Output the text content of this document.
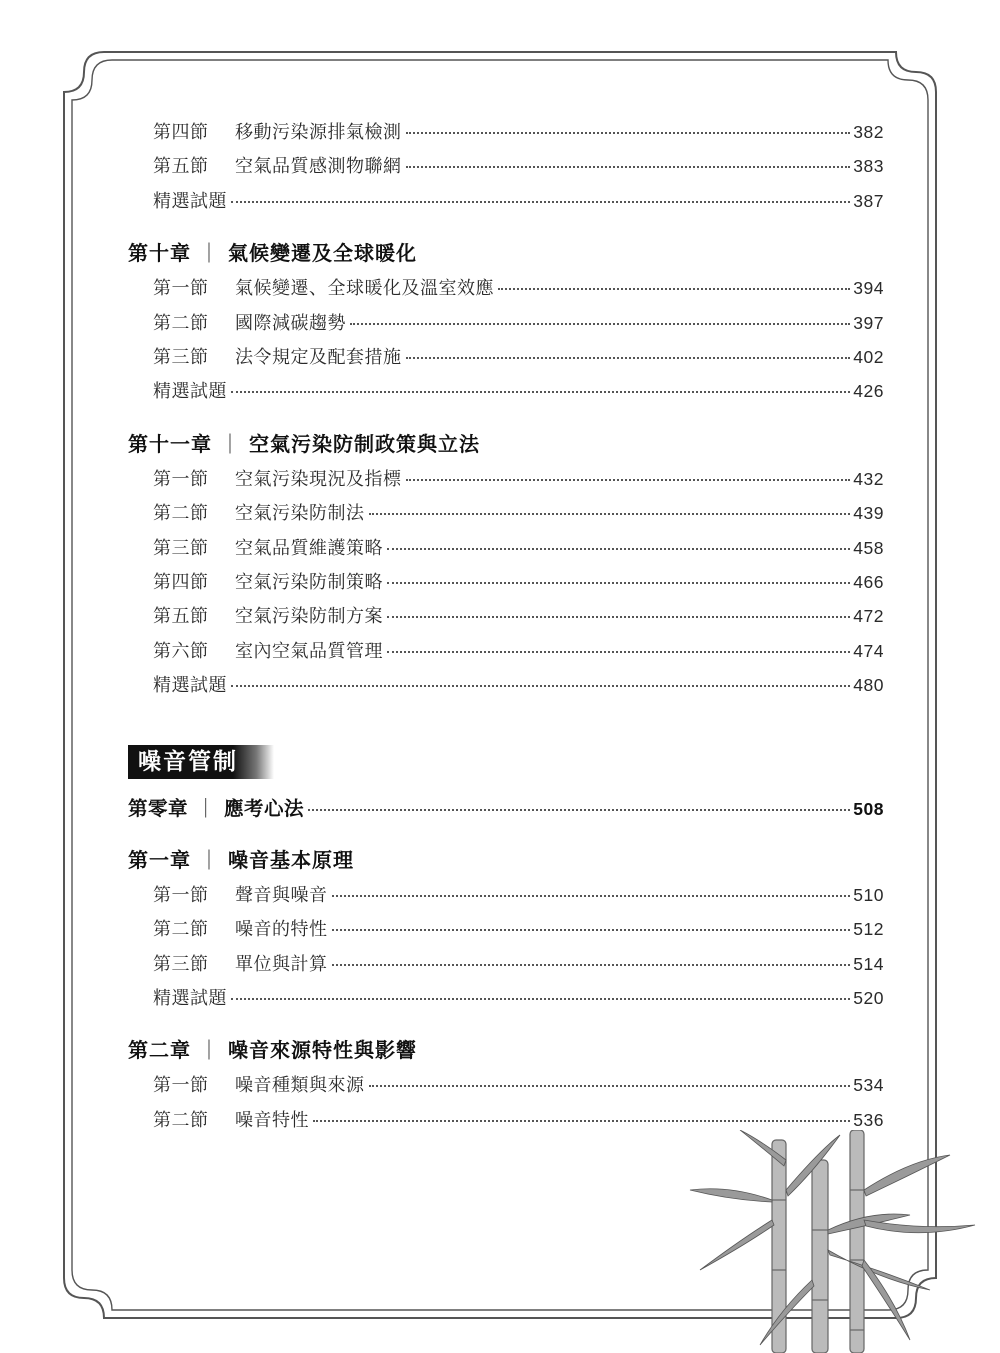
第四節	移動污染源排氣檢測	382
第五節	空氣品質感測物聯網	383
精選試題	387
第十章 ｜ 氣候變遷及全球暖化
第一節	氣候變遷、全球暖化及溫室效應	394
第二節	國際減碳趨勢	397
第三節	法令規定及配套措施	402
精選試題	426
第十一章 ｜ 空氣污染防制政策與立法
第一節	空氣污染現況及指標	432
第二節	空氣污染防制法	439
第三節	空氣品質維護策略	458
第四節	空氣污染防制策略	466
第五節	空氣污染防制方案	472
第六節	室內空氣品質管理	474
精選試題	480
噪音管制
第零章 ｜ 應考心法	508
第一章 ｜ 噪音基本原理
第一節	聲音與噪音	510
第二節	噪音的特性	512
第三節	單位與計算	514
精選試題	520
第二章 ｜ 噪音來源特性與影響
第一節	噪音種類與來源	534
第二節	噪音特性	536
